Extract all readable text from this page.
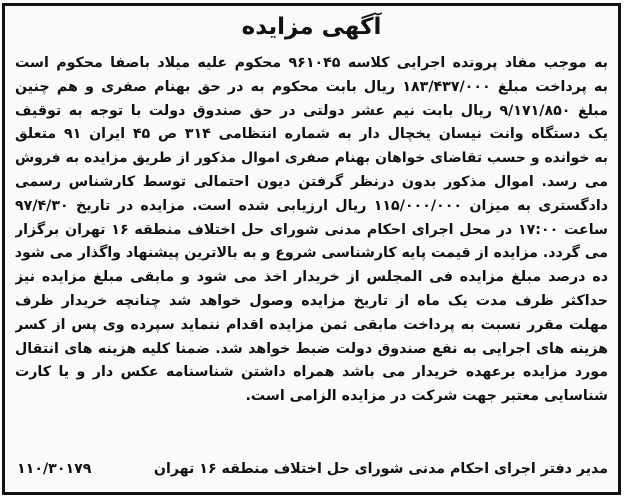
آگهی مزایده
به موجب مفاد پرونده اجرایی کلاسه ۹۶۱۰۴۵ محکوم علیه میلاد باصفا محکوم است
به پرداخت مبلغ ۱۸۳/۴۳۷/۰۰۰ ریال بابت محکوم به در حق بهنام صفری و هم چنین
مبلغ ۹/۱۷۱/۸۵۰ ریال بابت نیم عشر دولتی در حق صندوق دولت با توجه به توقیف
یک دستگاه وانت نیسان یخچال دار به شماره انتظامی ۳۱۴ ص ۴۵ ایران ۹۱ متعلق
به خوانده و حسب تقاضای خواهان بهنام صفری اموال مذکور از طریق مزایده به فروش
می رسد. اموال مذکور بدون درنظر گرفتن دیون احتمالی توسط کارشناس رسمی
دادگستری به میزان ۱۱۵/۰۰۰/۰۰۰ ریال ارزیابی شده است. مزایده در تاریخ ۹۷/۴/۳۰
ساعت ۱۷:۰۰ در محل اجرای احکام مدنی شورای حل اختلاف منطقه ۱۶ تهران برگزار
می گردد. مزایده از قیمت پایه کارشناسی شروع و به بالاترین پیشنهاد واگذار می شود
ده درصد مبلغ مزایده فی المجلس از خریدار اخذ می شود و مابقی مبلغ مزایده نیز
حداکثر ظرف مدت یک ماه از تاریخ مزایده وصول خواهد شد چنانچه خریدار ظرف
مهلت مقرر نسبت به پرداخت مابقی ثمن مزایده اقدام ننماید سپرده وی پس از کسر
هزینه های اجرایی به نفع صندوق دولت ضبط خواهد شد. ضمنا کلیه هزینه های انتقال
مورد مزایده برعهده خریدار می باشد همراه داشتن شناسنامه عکس دار و یا کارت
شناسایی معتبر جهت شرکت در مزایده الزامی است.
مدیر دفتر اجرای احکام مدنی شورای حل اختلاف منطقه ۱۶ تهران
۱۱۰/۳۰۱۷۹
